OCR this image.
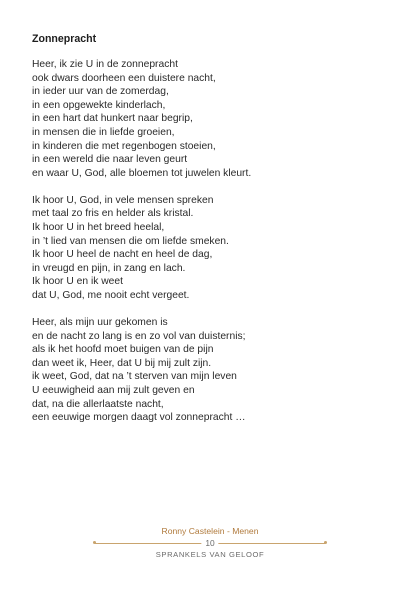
Zonnepracht
Heer, ik zie U in de zonnepracht
ook dwars doorheen een duistere nacht,
in ieder uur van de zomerdag,
in een opgewekte kinderlach,
in een hart dat hunkert naar begrip,
in mensen die in liefde groeien,
in kinderen die met regenbogen stoeien,
in een wereld die naar leven geurt
en waar U, God, alle bloemen tot juwelen kleurt.
Ik hoor U, God, in vele mensen spreken
met taal zo fris en helder als kristal.
Ik hoor U in het breed heelal,
in ’t lied van mensen die om liefde smeken.
Ik hoor U heel de nacht en heel de dag,
in vreugd en pijn, in zang en lach.
Ik hoor U en ik weet
dat U, God, me nooit echt vergeet.
Heer, als mijn uur gekomen is
en de nacht zo lang is en zo vol van duisternis;
als ik het hoofd moet buigen van de pijn
dan weet ik, Heer, dat U bij mij zult zijn.
ik weet, God, dat na ’t sterven van mijn leven
U eeuwigheid aan mij zult geven en
dat, na die allerlaatste nacht,
een eeuwige morgen daagt vol zonnepracht …
Ronny Castelein - Menen
10
SPRANKELS VAN GELOOF
